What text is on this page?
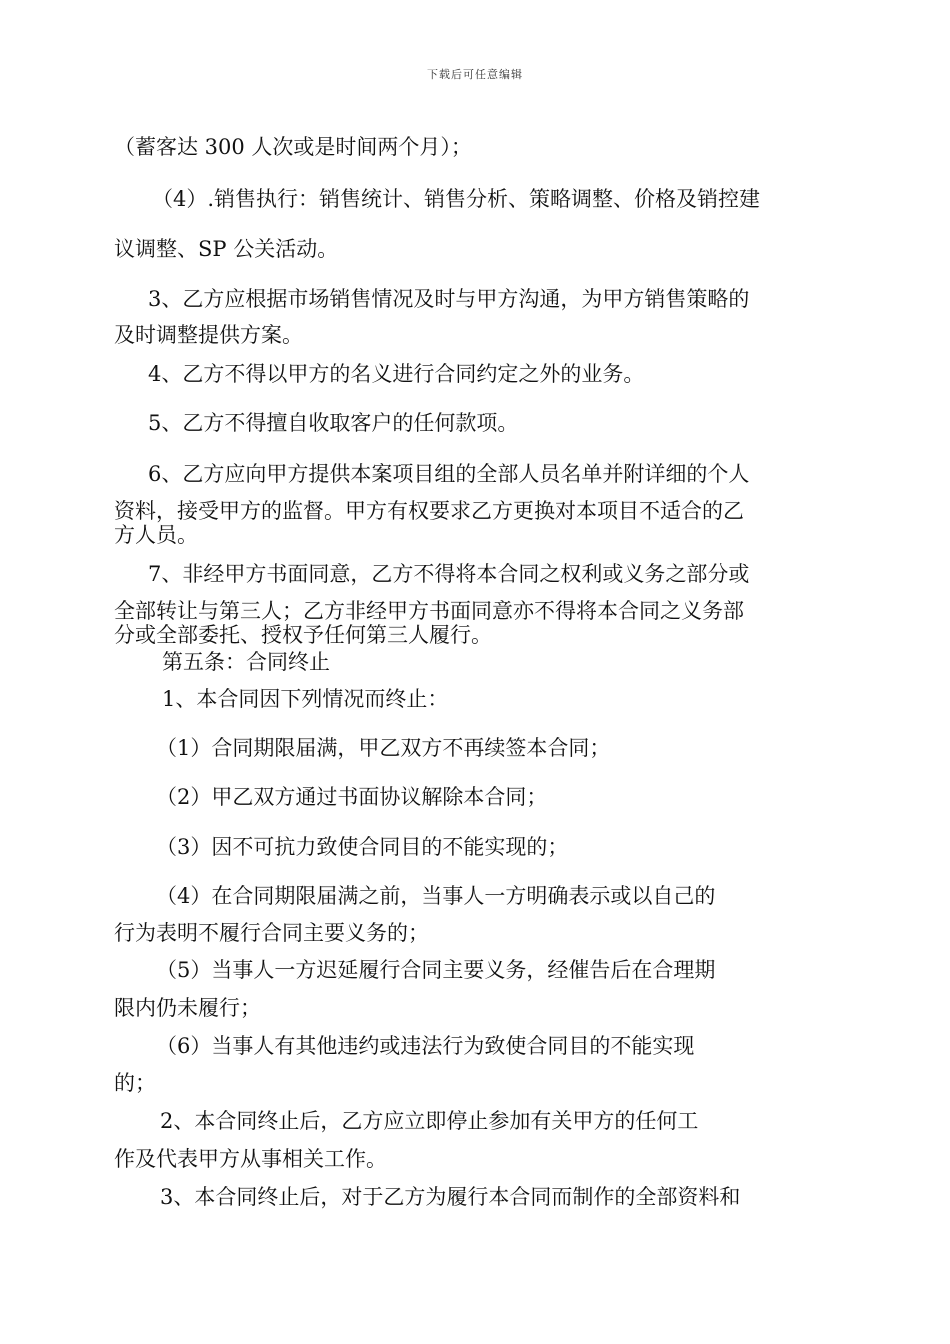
下载后可任意编辑
（蓄客达 300 人次或是时间两个月）；
（4）.销售执行：销售统计、销售分析、策略调整、价格及销控建
议调整、SP 公关活动。
3、乙方应根据市场销售情况及时与甲方沟通，为甲方销售策略的
及时调整提供方案。
4、乙方不得以甲方的名义进行合同约定之外的业务。
5、乙方不得擅自收取客户的任何款项。
6、乙方应向甲方提供本案项目组的全部人员名单并附详细的个人
资料，接受甲方的监督。甲方有权要求乙方更换对本项目不适合的乙
方人员。
7、非经甲方书面同意，乙方不得将本合同之权利或义务之部分或
全部转让与第三人；乙方非经甲方书面同意亦不得将本合同之义务部
分或全部委托、授权予任何第三人履行。
第五条：合同终止
1、本合同因下列情况而终止：
（1）合同期限届满，甲乙双方不再续签本合同；
（2）甲乙双方通过书面协议解除本合同；
（3）因不可抗力致使合同目的不能实现的；
（4）在合同期限届满之前，当事人一方明确表示或以自己的
行为表明不履行合同主要义务的；
（5）当事人一方迟延履行合同主要义务，经催告后在合理期
限内仍未履行；
（6）当事人有其他违约或违法行为致使合同目的不能实现
的；
2、本合同终止后，乙方应立即停止参加有关甲方的任何工
作及代表甲方从事相关工作。
3、本合同终止后，对于乙方为履行本合同而制作的全部资料和
